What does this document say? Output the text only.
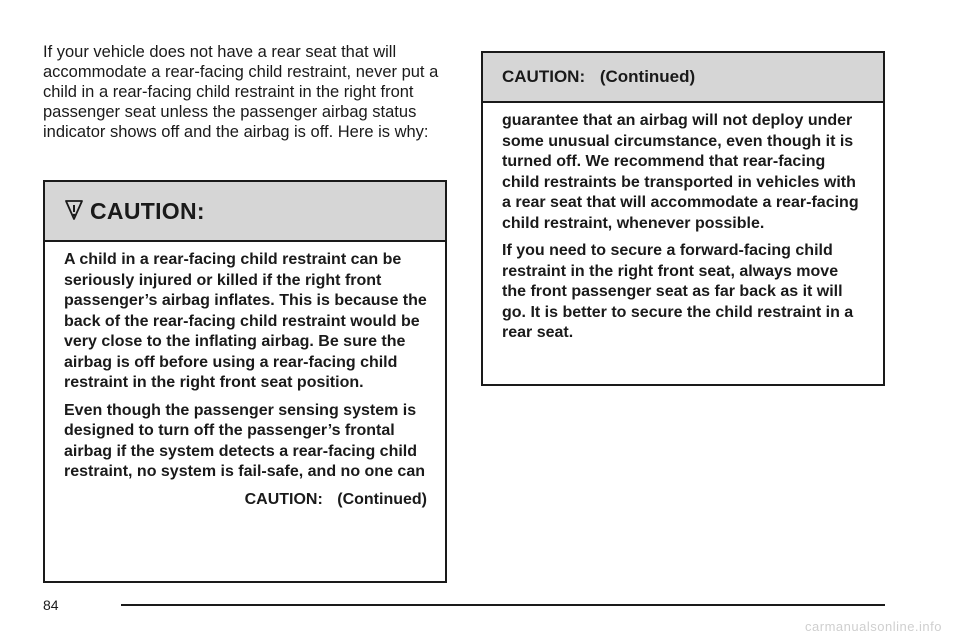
If your vehicle does not have a rear seat that will accommodate a rear-facing child restraint, never put a child in a rear-facing child restraint in the right front passenger seat unless the passenger airbag status indicator shows off and the airbag is off. Here is why:

CAUTION:

A child in a rear-facing child restraint can be seriously injured or killed if the right front passenger’s airbag inflates. This is because the back of the rear-facing child restraint would be very close to the inflating airbag. Be sure the airbag is off before using a rear-facing child restraint in the right front seat position.

Even though the passenger sensing system is designed to turn off the passenger’s frontal airbag if the system detects a rear-facing child restraint, no system is fail-safe, and no one can

CAUTION: (Continued)

CAUTION: (Continued)

guarantee that an airbag will not deploy under some unusual circumstance, even though it is turned off. We recommend that rear-facing child restraints be transported in vehicles with a rear seat that will accommodate a rear-facing child restraint, whenever possible.

If you need to secure a forward-facing child restraint in the right front seat, always move the front passenger seat as far back as it will go. It is better to secure the child restraint in a rear seat.

84
carmanualsonline.info
